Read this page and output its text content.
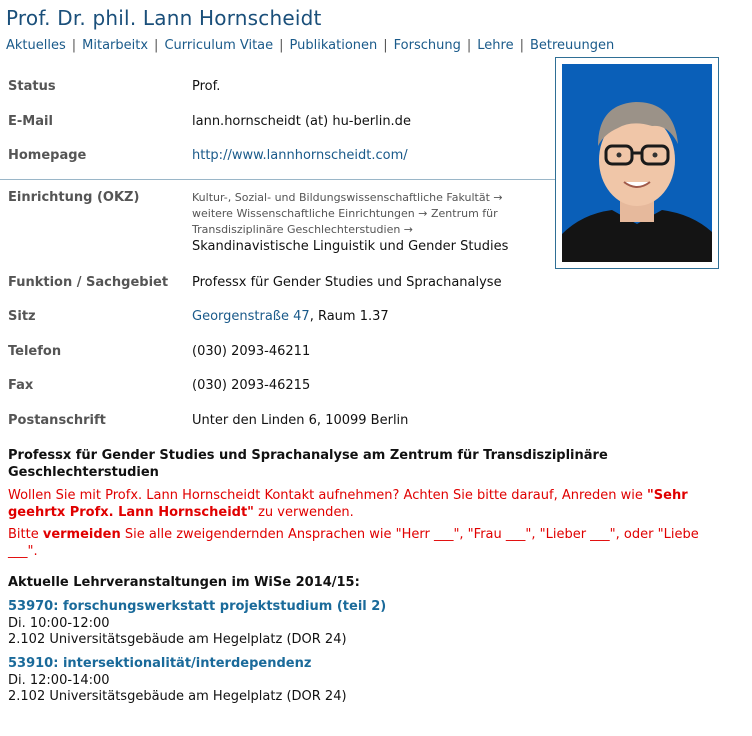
Prof. Dr. phil. Lann Hornscheidt
Aktuelles | Mitarbeitx | Curriculum Vitae | Publikationen | Forschung | Lehre | Betreuungen
Status	Prof.
E-Mail	lann.hornscheidt (at) hu-berlin.de
Homepage	http://www.lannhornscheidt.com/
Einrichtung (OKZ)	Kultur-, Sozial- und Bildungswissenschaftliche Fakultät → weitere Wissenschaftliche Einrichtungen → Zentrum für Transdisziplinäre Geschlechterstudien →
Skandinavistische Linguistik und Gender Studies
Funktion / Sachgebiet	Professx für Gender Studies und Sprachanalyse
Sitz	Georgenstraße 47, Raum 1.37
Telefon	(030) 2093-46211
Fax	(030) 2093-46215
Postanschrift	Unter den Linden 6, 10099 Berlin
Professx für Gender Studies und Sprachanalyse am Zentrum für Transdisziplinäre Geschlechterstudien
Wollen Sie mit Profx. Lann Hornscheidt Kontakt aufnehmen? Achten Sie bitte darauf, Anreden wie "Sehr geehrtx Profx. Lann Hornscheidt" zu verwenden.
Bitte vermeiden Sie alle zweigendernden Ansprachen wie "Herr ___", "Frau ___", "Lieber ___", oder "Liebe ___".
Aktuelle Lehrveranstaltungen im WiSe 2014/15:
53970: forschungswerkstatt projektstudium (teil 2)
Di. 10:00-12:00
2.102 Universitätsgebäude am Hegelplatz (DOR 24)
53910: intersektionalität/interdependenz
Di. 12:00-14:00
2.102 Universitätsgebäude am Hegelplatz (DOR 24)
